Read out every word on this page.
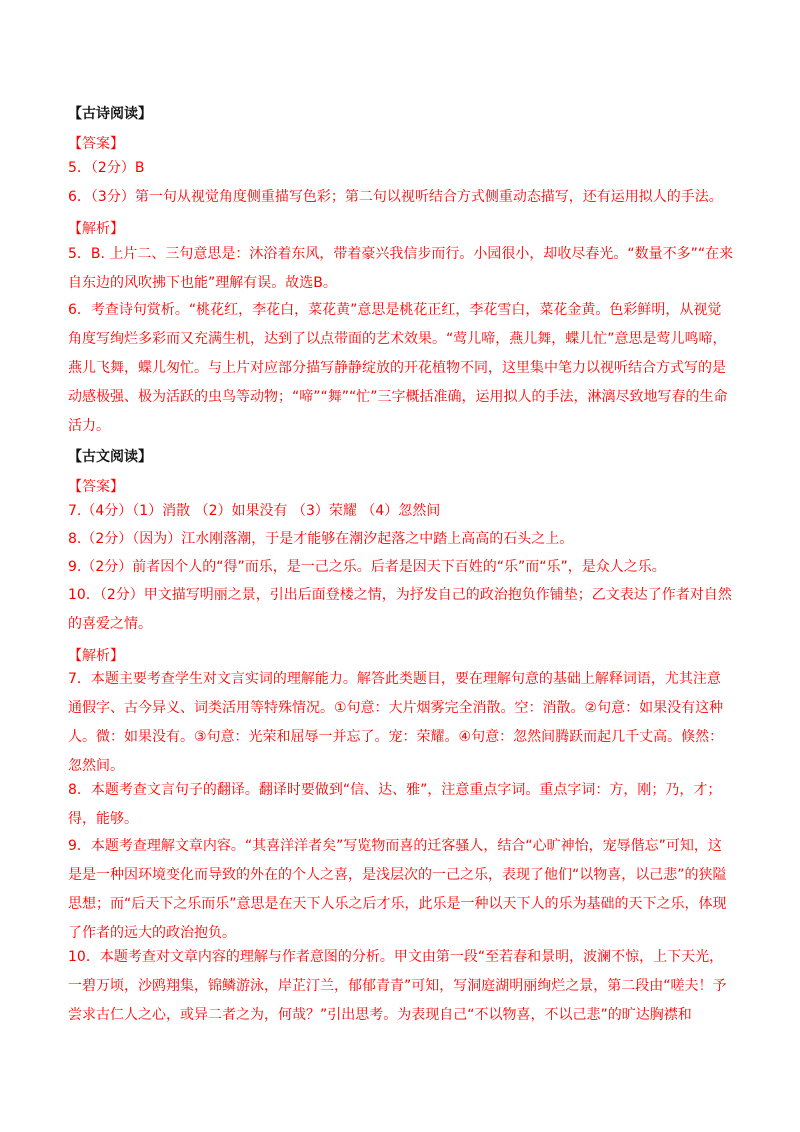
【古诗阅读】
【答案】
5．（2分）B
6．（3分）第一句从视觉角度侧重描写色彩；第二句以视听结合方式侧重动态描写，还有运用拟人的手法。
【解析】
5．B. 上片二、三句意思是：沐浴着东风，带着豪兴我信步而行。小园很小，却收尽春光。“数量不多”“在来自东边的风吹拂下也能”理解有误。故选B。
6．考查诗句赏析。“桃花红，李花白，菜花黄”意思是桃花正红，李花雪白，菜花金黄。色彩鲜明，从视觉角度写绚烂多彩而又充满生机，达到了以点带面的艺术效果。“莺儿啼，燕儿舞，蝶儿忙”意思是莺儿鸣啼，燕儿飞舞，蝶儿匆忙。与上片对应部分描写静静绽放的开花植物不同，这里集中笔力以视听结合方式写的是动感极强、极为活跃的虫鸟等动物；“啼”“舞”“忙”三字概括准确，运用拟人的手法，淋漓尽致地写春的生命活力。
【古文阅读】
【答案】
7.（4分）（1）消散 （2）如果没有 （3）荣耀 （4）忽然间
8.（2分）（因为）江水刚落潮，于是才能够在潮汐起落之中踏上高高的石头之上。
9.（2分）前者因个人的“得”而乐，是一己之乐。后者是因天下百姓的“乐”而“乐”，是众人之乐。
10．（2分）甲文描写明丽之景，引出后面登楼之情，为抒发自己的政治抱负作铺垫；乙文表达了作者对自然的喜爱之情。
【解析】
7．本题主要考查学生对文言实词的理解能力。解答此类题目，要在理解句意的基础上解释词语，尤其注意通假字、古今异义、词类活用等特殊情况。①句意：大片烟雾完全消散。空：消散。②句意：如果没有这种人。微：如果没有。③句意：光荣和屈辱一并忘了。宠：荣耀。④句意：忽然间腾跃而起几千丈高。倏然：忽然间。
8．本题考查文言句子的翻译。翻译时要做到“信、达、雅”，注意重点字词。重点字词：方，刚；乃，才；得，能够。
9．本题考查理解文章内容。“其喜洋洋者矣”写览物而喜的迁客骚人，结合“心旷神怡，宠辱偕忘”可知，这是是一种因环境变化而导致的外在的个人之喜，是浅层次的一己之乐，表现了他们“以物喜，以己悲”的狭隘思想；而“后天下之乐而乐”意思是在天下人乐之后才乐，此乐是一种以天下人的乐为基础的天下之乐，体现了作者的远大的政治抱负。
10．本题考查对文章内容的理解与作者意图的分析。甲文由第一段“至若春和景明，波澜不惊，上下天光，一碧万顷，沙鸥翔集，锦鳞游泳，岸芷汀兰，郁郁青青”可知，写洞庭湖明丽绚烂之景，第二段由“嗟夫！予尝求古仁人之心，或异二者之为，何哉？”引出思考。为表现自己“不以物喜，不以己悲”的旷达胸襟和
